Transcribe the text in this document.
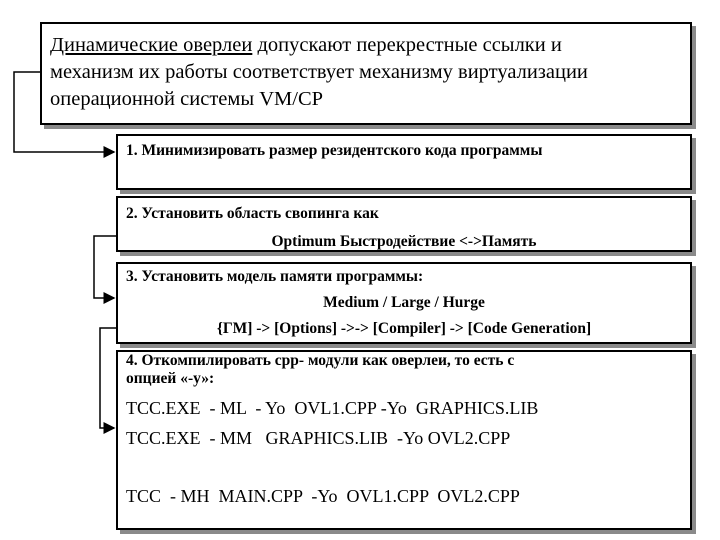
Динамические оверлеи допускают перекрестные ссылки и
механизм их работы соответствует механизму виртуализации
операционной системы VM/CP
1. Минимизировать размер резидентского кода программы
2. Установить область свопинга как
Optimum Быстродействие <->Память
3. Установить модель памяти программы:
Medium / Large / Hurge
{ГМ] -> [Options] ->-> [Compiler] -> [Code Generation]
4. Откомпилировать cpp- модули как оверлеи, то есть с
опцией «-у»:
TCC.EXE  - ML  - Yo  OVL1.CPP -Yo  GRAPHICS.LIB
TCC.EXE  - MM   GRAPHICS.LIB  -Yo OVL2.CPP
TCC  - MH  MAIN.CPP  -Yo  OVL1.CPP  OVL2.CPP
